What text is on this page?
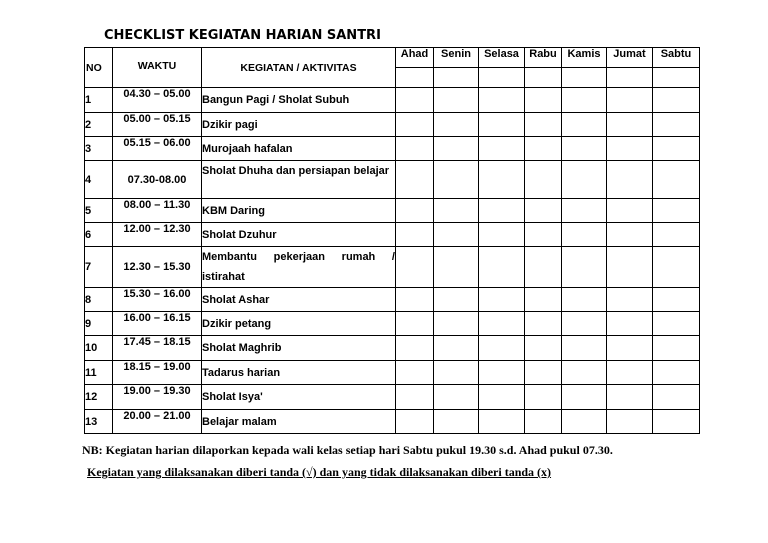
CHECKLIST KEGIATAN HARIAN SANTRI
NO	WAKTU	KEGIATAN / AKTIVITAS	Ahad	Senin	Selasa	Rabu	Kamis	Jumat	Sabtu

1	04.30 – 05.00	Bangun Pagi / Sholat Subuh							
2	05.00 – 05.15	Dzikir pagi							
3	05.15 – 06.00	Murojaah hafalan							
4	07.30-08.00	Sholat Dhuha dan persiapan belajar							
5	08.00 – 11.30	KBM Daring							
6	12.00 – 12.30	Sholat Dzuhur							
7	12.30 – 15.30	Membantu pekerjaan rumah / istirahat							
8	15.30 – 16.00	Sholat Ashar							
9	16.00 – 16.15	Dzikir petang							
10	17.45 – 18.15	Sholat Maghrib							
11	18.15 – 19.00	Tadarus harian							
12	19.00 – 19.30	Sholat Isya'							
13	20.00 – 21.00	Belajar malam							
NB: Kegiatan harian dilaporkan kepada wali kelas setiap hari Sabtu pukul 19.30 s.d. Ahad pukul 07.30.
Kegiatan yang dilaksanakan diberi tanda (√) dan yang tidak dilaksanakan diberi tanda (x)
